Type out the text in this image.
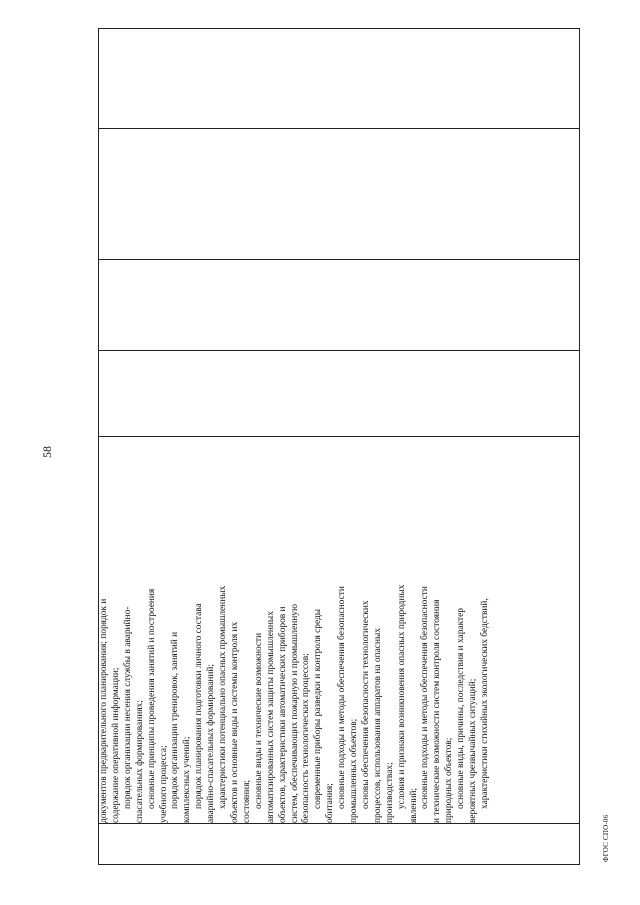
58

документов предварительного планирования; порядок и содержание оперативной информации; порядок организации несения службы в аварийно- спасательных формированиях; основные принципы проведения занятий и построения учебного процесса; порядок организации тренировок, занятий и комплексных учений; порядок планирования подготовки личного состава аварийно-спасательных формирований; характеристики потенциально опасных промышленных объектов и основные виды и системы контроля их состояния; основные виды и технические возможности автоматизированных систем защиты промышленных объектов, характеристики автоматических приборов и систем, обеспечивающих пожарную и промышленную безопасность технологических процессов; современные приборы разведки и контроля среды обитания; основные подходы и методы обеспечения безопасности промышленных объектов; основы обеспечения безопасности технологических процессов, использования аппаратов на опасных производствах; условия и признаки возникновения опасных природных явлений; основные подходы и методы обеспечения безопасности и технические возможности систем контроля состояния природных объектов; основные виды, причины, последствия и характер вероятных чрезвычайных ситуаций; характеристики стихийных экологических бедствий,

ФГОС СПО-06
